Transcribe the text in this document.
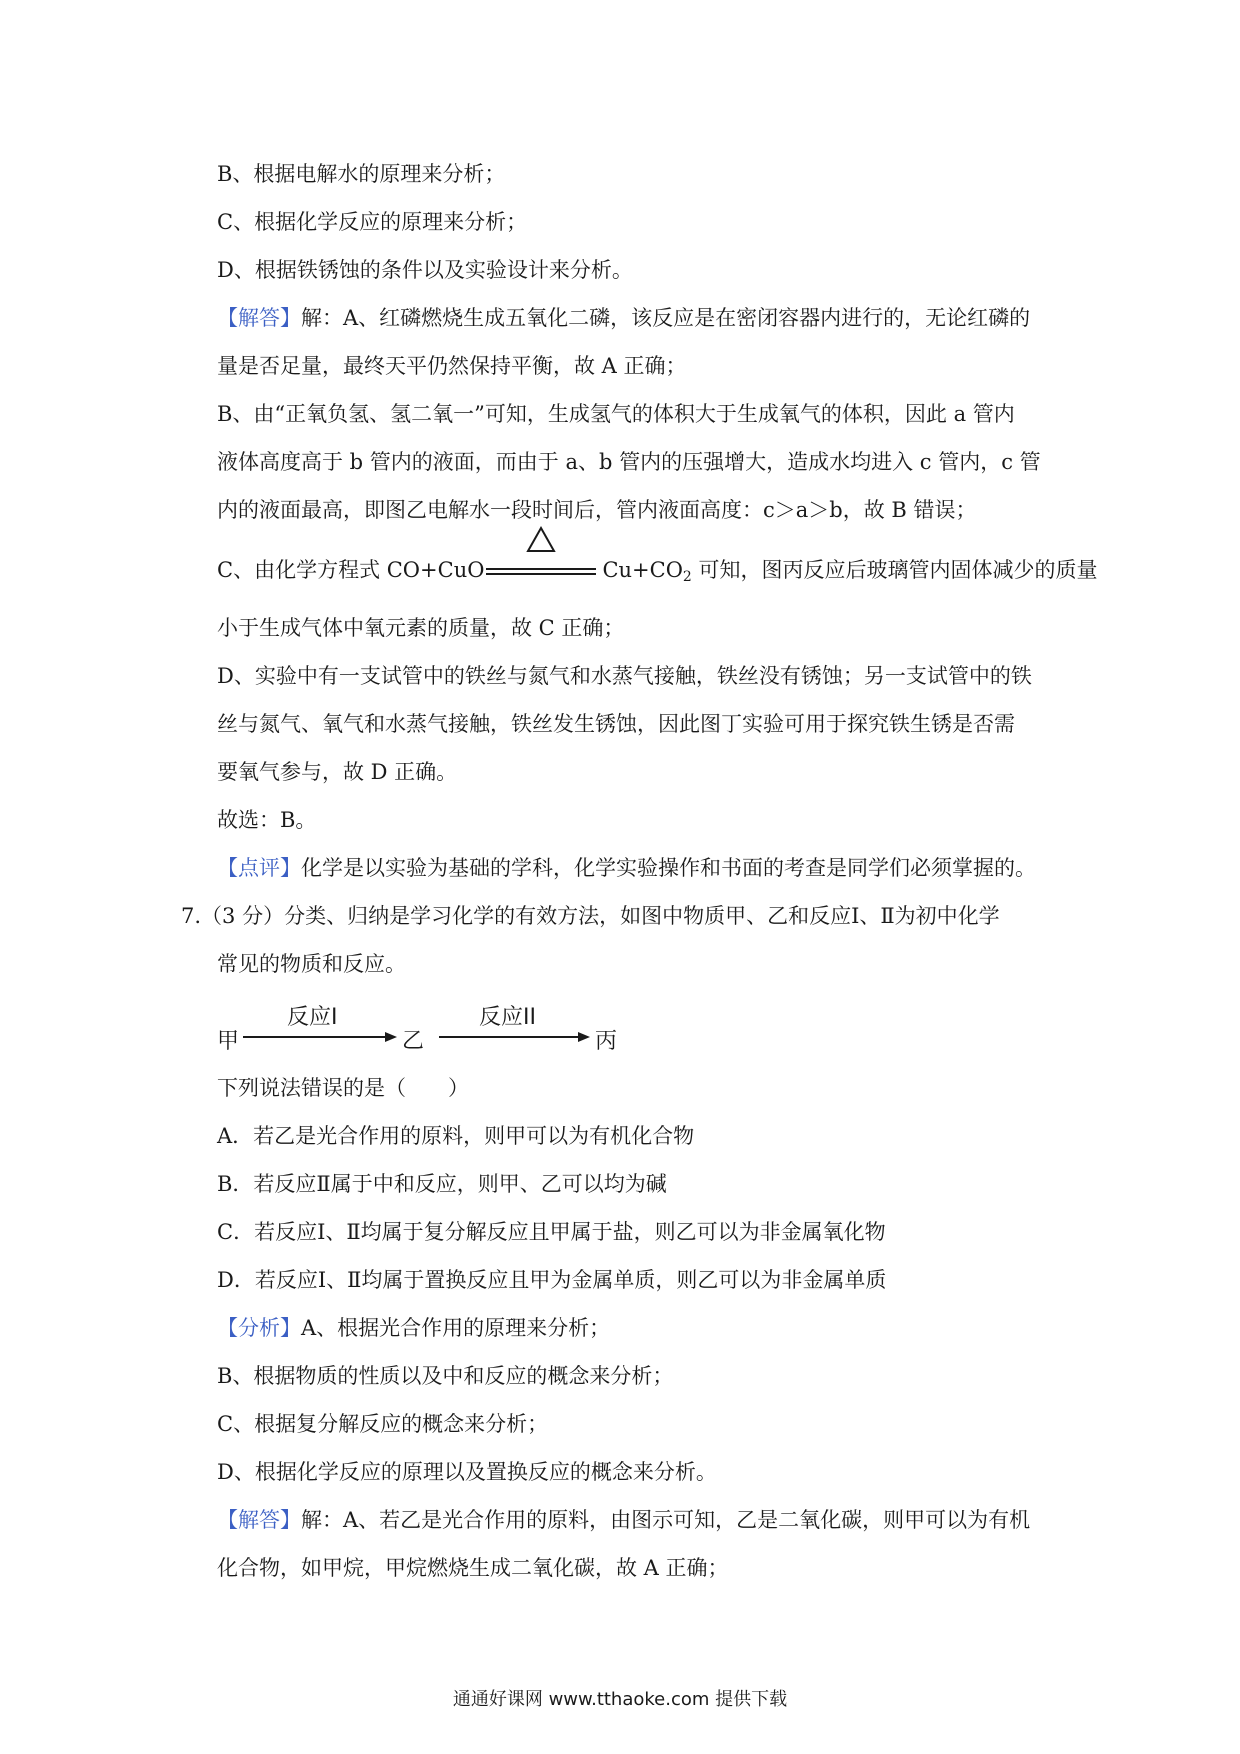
B、根据电解水的原理来分析；
C、根据化学反应的原理来分析；
D、根据铁锈蚀的条件以及实验设计来分析。
【解答】解：A、红磷燃烧生成五氧化二磷，该反应是在密闭容器内进行的，无论红磷的
量是否足量，最终天平仍然保持平衡，故 A 正确；
B、由“正氧负氢、氢二氧一”可知，生成氢气的体积大于生成氧气的体积，因此 a 管内
液体高度高于 b 管内的液面，而由于 a、b 管内的压强增大，造成水均进入 c 管内，c 管
内的液面最高，即图乙电解水一段时间后，管内液面高度：c＞a＞b，故 B 错误；
C、由化学方程式 CO+CuO	$Cu+CO_2$ 可知，图丙反应后玻璃管内固体减少的质量
小于生成气体中氧元素的质量，故 C 正确；
D、实验中有一支试管中的铁丝与氮气和水蒸气接触，铁丝没有锈蚀；另一支试管中的铁
丝与氮气、氧气和水蒸气接触，铁丝发生锈蚀，因此图丁实验可用于探究铁生锈是否需
要氧气参与，故 D 正确。
故选：B。
【点评】化学是以实验为基础的学科，化学实验操作和书面的考查是同学们必须掌握的。
7.（3 分）分类、归纳是学习化学的有效方法，如图中物质甲、乙和反应Ⅰ、Ⅱ为初中化学
常见的物质和反应。
甲
反应I
乙
反应II
丙
下列说法错误的是（　　）
A．若乙是光合作用的原料，则甲可以为有机化合物
B．若反应Ⅱ属于中和反应，则甲、乙可以均为碱
C．若反应Ⅰ、Ⅱ均属于复分解反应且甲属于盐，则乙可以为非金属氧化物
D．若反应Ⅰ、Ⅱ均属于置换反应且甲为金属单质，则乙可以为非金属单质
【分析】A、根据光合作用的原理来分析；
B、根据物质的性质以及中和反应的概念来分析；
C、根据复分解反应的概念来分析；
D、根据化学反应的原理以及置换反应的概念来分析。
【解答】解：A、若乙是光合作用的原料，由图示可知，乙是二氧化碳，则甲可以为有机
化合物，如甲烷，甲烷燃烧生成二氧化碳，故 A 正确；
通通好课网 www.tthaoke.com 提供下载
